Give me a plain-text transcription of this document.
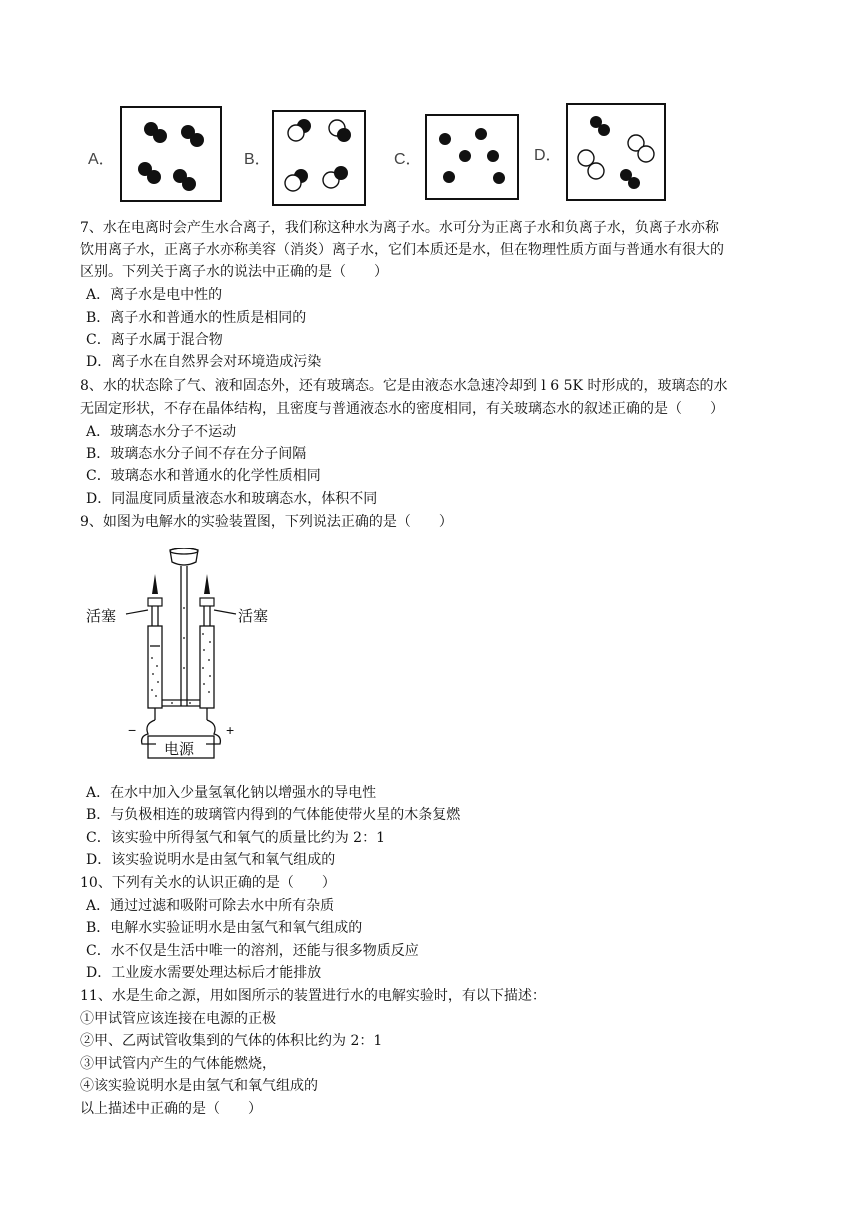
A．	B．	C．	D．
7、水在电离时会产生水合离子，我们称这种水为离子水。水可分为正离子水和负离子水，负离子水亦称
饮用离子水，正离子水亦称美容（消炎）离子水，它们本质还是水，但在物理性质方面与普通水有很大的
区别。下列关于离子水的说法中正确的是（　　）
A．离子水是电中性的
B．离子水和普通水的性质是相同的
C．离子水属于混合物
D．离子水在自然界会对环境造成污染
8、水的状态除了气、液和固态外，还有玻璃态。它是由液态水急速冷却到 l 6 5K 时形成的，玻璃态的水
无固定形状，不存在晶体结构，且密度与普通液态水的密度相同，有关玻璃态水的叙述正确的是（　　）
A．玻璃态水分子不运动
B．玻璃态水分子间不存在分子间隔
C．玻璃态水和普通水的化学性质相同
D．同温度同质量液态水和玻璃态水，体积不同
9、如图为电解水的实验装置图，下列说法正确的是（　　）
活塞	活塞
−	+
电源
A．在水中加入少量氢氧化钠以增强水的导电性
B．与负极相连的玻璃管内得到的气体能使带火星的木条复燃
C．该实验中所得氢气和氧气的质量比约为 2：1
D．该实验说明水是由氢气和氧气组成的
10、下列有关水的认识正确的是（　　）
A．通过过滤和吸附可除去水中所有杂质
B．电解水实验证明水是由氢气和氧气组成的
C．水不仅是生活中唯一的溶剂，还能与很多物质反应
D．工业废水需要处理达标后才能排放
11、水是生命之源，用如图所示的装置进行水的电解实验时，有以下描述：
①甲试管应该连接在电源的正极
②甲、乙两试管收集到的气体的体积比约为 2：1
③甲试管内产生的气体能燃烧，
④该实验说明水是由氢气和氧气组成的
以上描述中正确的是（　　）
